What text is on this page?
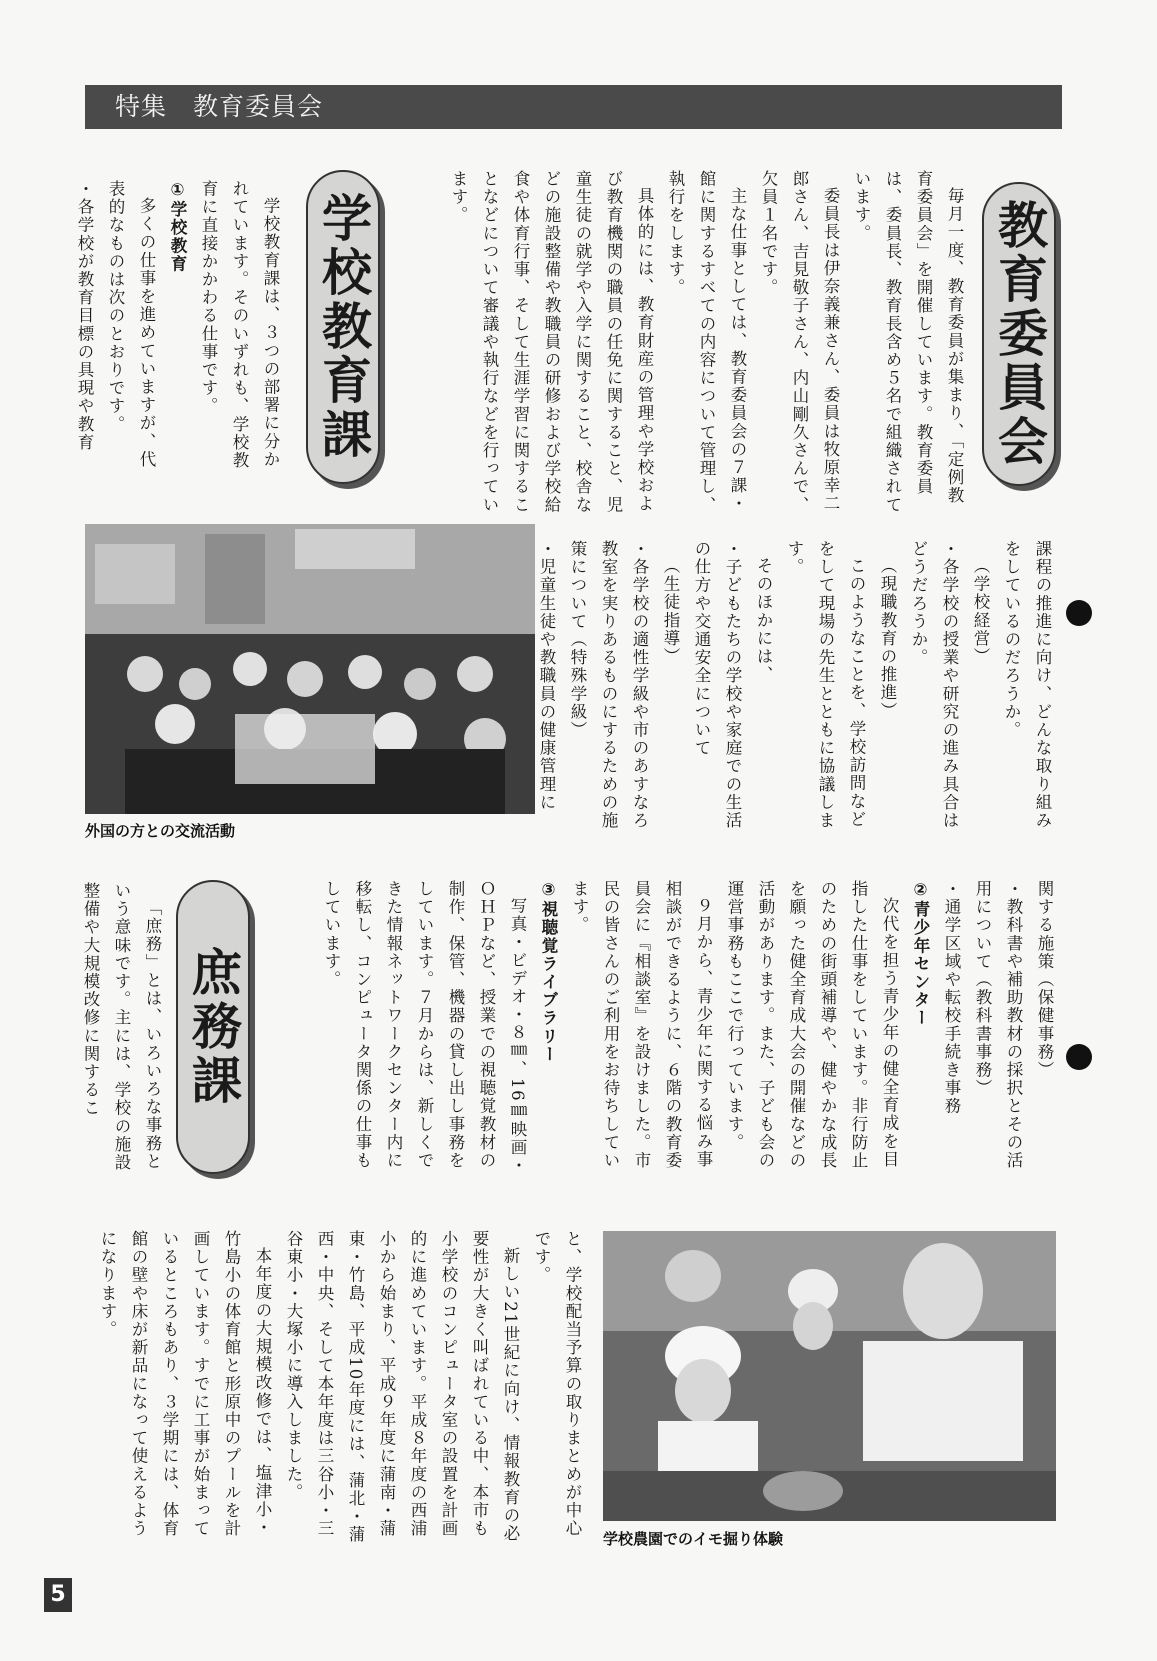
特集 教育委員会
教育委員会

毎月一度、教育委員が集まり、「定例教育委員会」を開催しています。教育委員は、委員長、教育長含め５名で組織されています。

委員長は伊奈義兼さん、委員は牧原幸二郎さん、吉見敬子さん、内山剛久さんで、欠員１名です。

主な仕事としては、教育委員会の７課・館に関するすべての内容について管理し、執行をします。

具体的には、教育財産の管理や学校および教育機関の職員の任免に関すること、児童生徒の就学や入学に関すること、校舎などの施設整備や教職員の研修および学校給食や体育行事、そして生涯学習に関することなどについて審議や執行などを行っています。

学校教育課

学校教育課は、３つの部署に分かれています。そのいずれも、学校教育に直接かかわる仕事です。

①学校教育

多くの仕事を進めていますが、代表的なものは次のとおりです。

・各学校が教育目標の具現や教育

外国の方との交流活動

課程の推進に向け、どんな取り組みをしているのだろうか。

（学校経営）

・各学校の授業や研究の進み具合はどうだろうか。

（現職教育の推進）

このようなことを、学校訪問などをして現場の先生とともに協議します。

そのほかには、

・子どもたちの学校や家庭での生活の仕方や交通安全について

（生徒指導）

・各学校の適性学級や市のあすなろ教室を実りあるものにするための施策について（特殊学級）

・児童生徒や教職員の健康管理に

関する施策（保健事務）

・教科書や補助教材の採択とその活用について（教科書事務）

・通学区域や転校手続き事務

②青少年センター

次代を担う青少年の健全育成を目指した仕事をしています。非行防止のための街頭補導や、健やかな成長を願った健全育成大会の開催などの活動があります。また、子ども会の運営事務もここで行っています。

９月から、青少年に関する悩み事相談ができるように、６階の教育委員会に『相談室』を設けました。市民の皆さんのご利用をお待ちしています。

③視聴覚ライブラリー

写真・ビデオ・８㎜、16㎜映画・ＯＨＰなど、授業での視聴覚教材の制作、保管、機器の貸し出し事務をしています。７月からは、新しくできた情報ネットワークセンター内に移転し、コンピュータ関係の仕事もしています。

庶務課

「庶務」とは、いろいろな事務という意味です。主には、学校の施設整備や大規模改修に関するこ

と、学校配当予算の取りまとめが中心です。

新しい21世紀に向け、情報教育の必要性が大きく叫ばれている中、本市も小学校のコンピュータ室の設置を計画的に進めています。平成８年度の西浦小から始まり、平成９年度に蒲南・蒲東・竹島、平成10年度には、蒲北・蒲西・中央、そして本年度は三谷小・三谷東小・大塚小に導入しました。

本年度の大規模改修では、塩津小・竹島小の体育館と形原中のプールを計画しています。すでに工事が始まっているところもあり、３学期には、体育館の壁や床が新品になって使えるようになります。

学校農園でのイモ掘り体験
5
